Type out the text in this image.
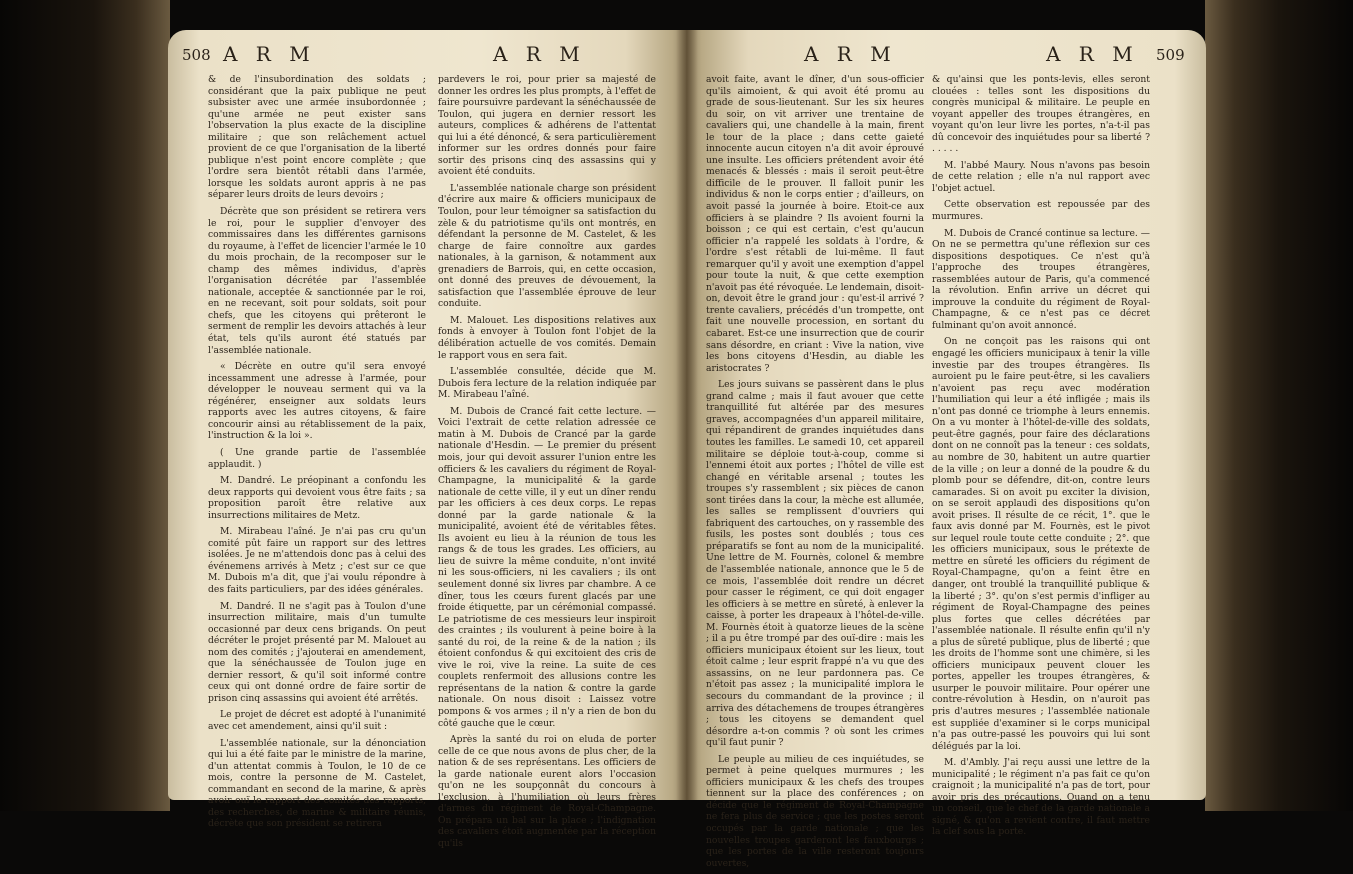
508 A R M	A R M

& de l'insubordination des soldats ; considérant que la paix publique ne peut subsister avec une armée insubordonnée ; qu'une armée ne peut exister sans l'observation la plus exacte de la discipline militaire ; que son relâchement actuel provient de ce que l'organisation de la liberté publique n'est point encore complète ; que l'ordre sera bientôt rétabli dans l'armée, lorsque les soldats auront appris à ne pas séparer leurs droits de leurs devoirs ;

Décrète que son président se retirera vers le roi, pour le supplier d'envoyer des commissaires dans les différentes garnisons du royaume, à l'effet de licencier l'armée le 10 du mois prochain, de la recomposer sur le champ des mêmes individus, d'après l'organisation décrétée par l'assemblée nationale, acceptée & sanctionnée par le roi, en ne recevant, soit pour soldats, soit pour chefs, que les citoyens qui prêteront le serment de remplir les devoirs attachés à leur état, tels qu'ils auront été statués par l'assemblée nationale.

« Décrète en outre qu'il sera envoyé incessamment une adresse à l'armée, pour développer le nouveau serment qui va la régénérer, enseigner aux soldats leurs rapports avec les autres citoyens, & faire concourir ainsi au rétablissement de la paix, l'instruction & la loi ».

( Une grande partie de l'assemblée applaudit. )

M. Dandré. Le préopinant a confondu les deux rapports qui devoient vous être faits ; sa proposition paroît être relative aux insurrections militaires de Metz.

M. Mirabeau l'aîné. Je n'ai pas cru qu'un comité pût faire un rapport sur des lettres isolées. Je ne m'attendois donc pas à celui des événemens arrivés à Metz ; c'est sur ce que M. Dubois m'a dit, que j'ai voulu répondre à des faits particuliers, par des idées générales.

M. Dandré. Il ne s'agit pas à Toulon d'une insurrection militaire, mais d'un tumulte occasionné par deux cens brigands. On peut décréter le projet présenté par M. Malouet au nom des comités ; j'ajouterai en amendement, que la sénéchaussée de Toulon juge en dernier ressort, & qu'il soit informé contre ceux qui ont donné ordre de faire sortir de prison cinq assassins qui avoient été arrêtés.

Le projet de décret est adopté à l'unanimité avec cet amendement, ainsi qu'il suit :

L'assemblée nationale, sur la dénonciation qui lui a été faite par le ministre de la marine, d'un attentat commis à Toulon, le 10 de ce mois, contre la personne de M. Castelet, commandant en second de la marine, & après avoir ouï le rapport des comités des rapports, des recherches, de marine & militaire réunis, décrète que son président se retirera

pardevers le roi, pour prier sa majesté de donner les ordres les plus prompts, à l'effet de faire poursuivre pardevant la sénéchaussée de Toulon, qui jugera en dernier ressort les auteurs, complices & adhérens de l'attentat qui lui a été dénoncé, & sera particulièrement informer sur les ordres donnés pour faire sortir des prisons cinq des assassins qui y avoient été conduits.

L'assemblée nationale charge son président d'écrire aux maire & officiers municipaux de Toulon, pour leur témoigner sa satisfaction du zèle & du patriotisme qu'ils ont montrés, en défendant la personne de M. Castelet, & les charge de faire connoître aux gardes nationales, à la garnison, & notamment aux grenadiers de Barrois, qui, en cette occasion, ont donné des preuves de dévouement, la satisfaction que l'assemblée éprouve de leur conduite.

M. Malouet. Les dispositions relatives aux fonds à envoyer à Toulon font l'objet de la délibération actuelle de vos comités. Demain le rapport vous en sera fait.

L'assemblée consultée, décide que M. Dubois fera lecture de la relation indiquée par M. Mirabeau l'aîné.

M. Dubois de Crancé fait cette lecture. — Voici l'extrait de cette relation adressée ce matin à M. Dubois de Crancé par la garde nationale d'Hesdin. — Le premier du présent mois, jour qui devoit assurer l'union entre les officiers & les cavaliers du régiment de Royal-Champagne, la municipalité & la garde nationale de cette ville, il y eut un dîner rendu par les officiers à ces deux corps. Le repas donné par la garde nationale & la municipalité, avoient été de véritables fêtes. Ils avoient eu lieu à la réunion de tous les rangs & de tous les grades. Les officiers, au lieu de suivre la même conduite, n'ont invité ni les sous-officiers, ni les cavaliers ; ils ont seulement donné six livres par chambre. A ce dîner, tous les cœurs furent glacés par une froide étiquette, par un cérémonial compassé. Le patriotisme de ces messieurs leur inspiroit des craintes ; ils voulurent à peine boire à la santé du roi, de la reine & de la nation ; ils étoient confondus & qui excitoient des cris de vive le roi, vive la reine. La suite de ces couplets renfermoit des allusions contre les représentans de la nation & contre la garde nationale. On nous disoit : Laissez votre pompons & vos armes ; il n'y a rien de bon du côté gauche que le cœur.

Après la santé du roi on eluda de porter celle de ce que nous avons de plus cher, de la nation & de ses représentans. Les officiers de la garde nationale eurent alors l'occasion qu'on ne les soupçonnât du concours à l'exclusion, à l'humiliation où leurs frères d'armes du régiment de Royal-Champagne. On prépara un bal sur la place ; l'indignation des cavaliers étoit augmentée par la réception qu'ils

A R M	A R M 509

avoit faite, avant le dîner, d'un sous-officier qu'ils aimoient, & qui avoit été promu au grade de sous-lieutenant. Sur les six heures du soir, on vit arriver une trentaine de cavaliers qui, une chandelle à la main, firent le tour de la place ; dans cette gaieté innocente aucun citoyen n'a dit avoir éprouvé une insulte. Les officiers prétendent avoir été menacés & blessés : mais il seroit peut-être difficile de le prouver. Il falloit punir les individus & non le corps entier ; d'ailleurs, on avoit passé la journée à boire. Etoit-ce aux officiers à se plaindre ? Ils avoient fourni la boisson ; ce qui est certain, c'est qu'aucun officier n'a rappelé les soldats à l'ordre, & l'ordre s'est rétabli de lui-même. Il faut remarquer qu'il y avoit une exemption d'appel pour toute la nuit, & que cette exemption n'avoit pas été révoquée. Le lendemain, disoit-on, devoit être le grand jour : qu'est-il arrivé ? trente cavaliers, précédés d'un trompette, ont fait une nouvelle procession, en sortant du cabaret. Est-ce une insurrection que de courir sans désordre, en criant : Vive la nation, vive les bons citoyens d'Hesdin, au diable les aristocrates ?

Les jours suivans se passèrent dans le plus grand calme ; mais il faut avouer que cette tranquillité fut altérée par des mesures graves, accompagnées d'un appareil militaire, qui répandirent de grandes inquiétudes dans toutes les familles. Le samedi 10, cet appareil militaire se déploie tout-à-coup, comme si l'ennemi étoit aux portes ; l'hôtel de ville est changé en véritable arsenal ; toutes les troupes s'y rassemblent ; six pièces de canon sont tirées dans la cour, la mèche est allumée, les salles se remplissent d'ouvriers qui fabriquent des cartouches, on y rassemble des fusils, les postes sont doublés ; tous ces préparatifs se font au nom de la municipalité. Une lettre de M. Fournès, colonel & membre de l'assemblée nationale, annonce que le 5 de ce mois, l'assemblée doit rendre un décret pour casser le régiment, ce qui doit engager les officiers à se mettre en sûreté, à enlever la caisse, à porter les drapeaux à l'hôtel-de-ville. M. Fournès étoit à quatorze lieues de la scène ; il a pu être trompé par des ouï-dire : mais les officiers municipaux étoient sur les lieux, tout étoit calme ; leur esprit frappé n'a vu que des assassins, on ne leur pardonnera pas. Ce n'étoit pas assez ; la municipalité implora le secours du commandant de la province ; il arriva des détachemens de troupes étrangères ; tous les citoyens se demandent quel désordre a-t-on commis ? où sont les crimes qu'il faut punir ?

Le peuple au milieu de ces inquiétudes, se permet à peine quelques murmures ; les officiers municipaux & les chefs des troupes tiennent sur la place des conférences ; on décide que le régiment de Royal-Champagne ne fera plus de service ; que les postes seront occupés par la garde nationale ; que les nouvelles troupes garderont les fauxbourgs ; que les portes de la ville resteront toujours ouvertes,

& qu'ainsi que les ponts-levis, elles seront clouées : telles sont les dispositions du congrès municipal & militaire. Le peuple en voyant appeller des troupes étrangères, en voyant qu'on leur livre les portes, n'a-t-il pas dû concevoir des inquiétudes pour sa liberté ? . . . . .

M. l'abbé Maury. Nous n'avons pas besoin de cette relation ; elle n'a nul rapport avec l'objet actuel.

Cette observation est repoussée par des murmures.

M. Dubois de Crancé continue sa lecture. — On ne se permettra qu'une réflexion sur ces dispositions despotiques. Ce n'est qu'à l'approche des troupes étrangères, rassemblées autour de Paris, qu'a commencé la révolution. Enfin arrive un décret qui improuve la conduite du régiment de Royal-Champagne, & ce n'est pas ce décret fulminant qu'on avoit annoncé.

On ne conçoit pas les raisons qui ont engagé les officiers municipaux à tenir la ville investie par des troupes étrangères. Ils auroient pu le faire peut-être, si les cavaliers n'avoient pas reçu avec modération l'humiliation qui leur a été infligée ; mais ils n'ont pas donné ce triomphe à leurs ennemis. On a vu monter à l'hôtel-de-ville des soldats, peut-être gagnés, pour faire des déclarations dont on ne connoît pas la teneur : ces soldats, au nombre de 30, habitent un autre quartier de la ville ; on leur a donné de la poudre & du plomb pour se défendre, dit-on, contre leurs camarades. Si on avoit pu exciter la division, on se seroit applaudi des dispositions qu'on avoit prises. Il résulte de ce récit, 1°. que le faux avis donné par M. Fournès, est le pivot sur lequel roule toute cette conduite ; 2°. que les officiers municipaux, sous le prétexte de mettre en sûreté les officiers du régiment de Royal-Champagne, qu'on a feint être en danger, ont troublé la tranquillité publique & la liberté ; 3°. qu'on s'est permis d'infliger au régiment de Royal-Champagne des peines plus fortes que celles décrétées par l'assemblée nationale. Il résulte enfin qu'il n'y a plus de sûreté publique, plus de liberté ; que les droits de l'homme sont une chimère, si les officiers municipaux peuvent clouer les portes, appeller les troupes étrangères, & usurper le pouvoir militaire. Pour opérer une contre-révolution à Hesdin, on n'auroit pas pris d'autres mesures ; l'assemblée nationale est suppliée d'examiner si le corps municipal n'a pas outre-passé les pouvoirs qui lui sont délégués par la loi.

M. d'Ambly. J'ai reçu aussi une lettre de la municipalité ; le régiment n'a pas fait ce qu'on craignoit ; la municipalité n'a pas de tort, pour avoir pris des précautions. Quand on a tenu un conseil, que le chef de la garde nationale a signé, & qu'on a revient contre, il faut mettre la clef sous la porte.
